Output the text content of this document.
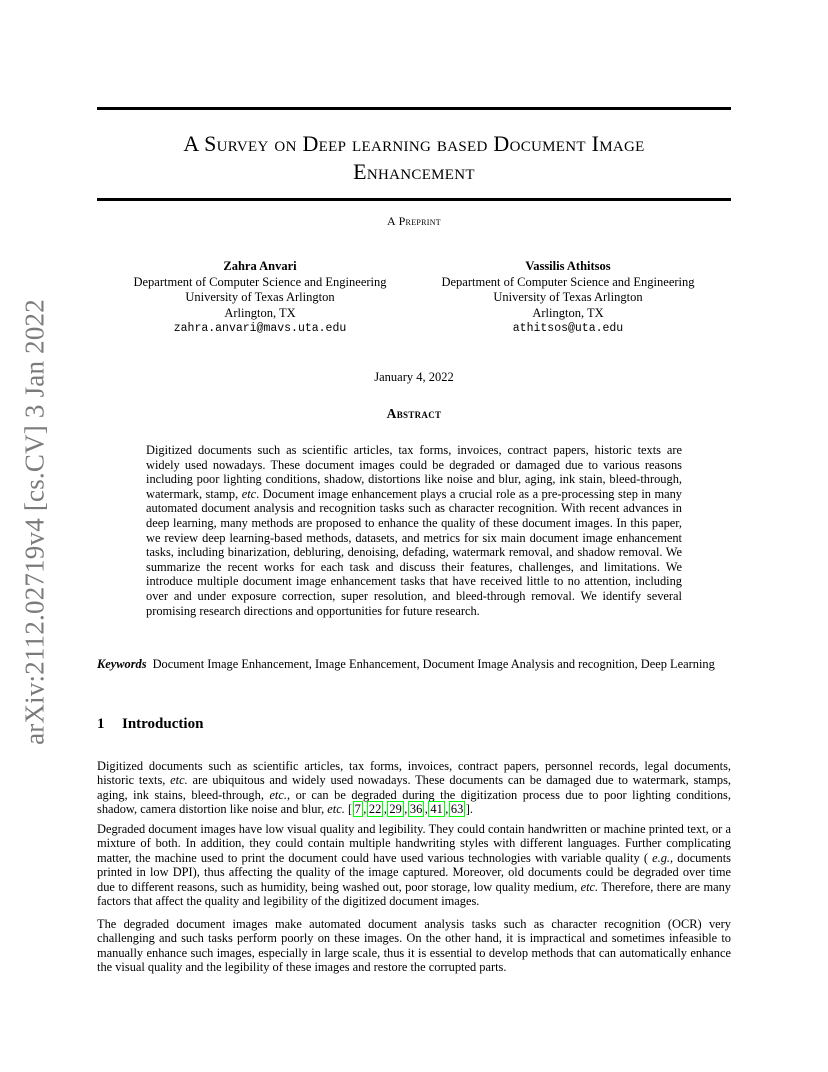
arXiv:2112.02719v4 [cs.CV] 3 Jan 2022
A Survey on Deep learning based Document Image
Enhancement
A Preprint
Zahra Anvari
Department of Computer Science and Engineering
University of Texas Arlington
Arlington, TX
zahra.anvari@mavs.uta.edu
Vassilis Athitsos
Department of Computer Science and Engineering
University of Texas Arlington
Arlington, TX
athitsos@uta.edu
January 4, 2022
Abstract

Digitized documents such as scientific articles, tax forms, invoices, contract papers, historic texts are widely used nowadays. These document images could be degraded or damaged due to various reasons including poor lighting conditions, shadow, distortions like noise and blur, aging, ink stain, bleed-through, watermark, stamp, etc. Document image enhancement plays a crucial role as a pre-processing step in many automated document analysis and recognition tasks such as character recognition. With recent advances in deep learning, many methods are proposed to enhance the quality of these document images. In this paper, we review deep learning-based methods, datasets, and metrics for six main document image enhancement tasks, including binarization, debluring, denoising, defading, watermark removal, and shadow removal. We summarize the recent works for each task and discuss their features, challenges, and limitations. We introduce multiple document image enhancement tasks that have received little to no attention, including over and under exposure correction, super resolution, and bleed-through removal. We identify several promising research directions and opportunities for future research.

Keywords Document Image Enhancement, Image Enhancement, Document Image Analysis and recognition, Deep Learning

1 Introduction

Digitized documents such as scientific articles, tax forms, invoices, contract papers, personnel records, legal documents, historic texts, etc. are ubiquitous and widely used nowadays. These documents can be damaged due to watermark, stamps, aging, ink stains, bleed-through, etc., or can be degraded during the digitization process due to poor lighting conditions, shadow, camera distortion like noise and blur, etc. [ 7 , 22 , 29 , 36 , 41 , 63 ].

Degraded document images have low visual quality and legibility. They could contain handwritten or machine printed text, or a mixture of both. In addition, they could contain multiple handwriting styles with different languages. Further complicating matter, the machine used to print the document could have used various technologies with variable quality ( e.g., documents printed in low DPI), thus affecting the quality of the image captured. Moreover, old documents could be degraded over time due to different reasons, such as humidity, being washed out, poor storage, low quality medium, etc. Therefore, there are many factors that affect the quality and legibility of the digitized document images.

The degraded document images make automated document analysis tasks such as character recognition (OCR) very challenging and such tasks perform poorly on these images. On the other hand, it is impractical and sometimes infeasible to manually enhance such images, especially in large scale, thus it is essential to develop methods that can automatically enhance the visual quality and the legibility of these images and restore the corrupted parts.
